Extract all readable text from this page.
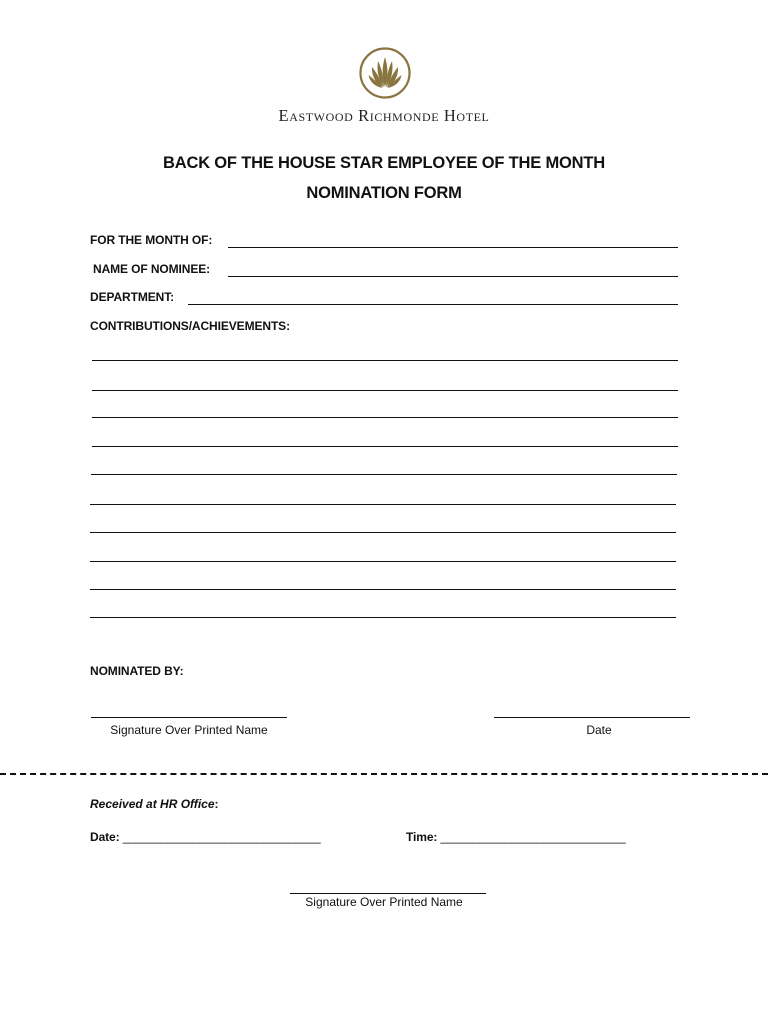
Eastwood Richmonde Hotel
BACK OF THE HOUSE STAR EMPLOYEE OF THE MONTH
NOMINATION FORM
FOR THE MONTH OF:
NAME OF NOMINEE:
DEPARTMENT:
CONTRIBUTIONS/ACHIEVEMENTS:
NOMINATED BY:
Signature Over Printed Name	Date
Received at HR Office:
Date: _______________________________	Time: _____________________________
Signature Over Printed Name
